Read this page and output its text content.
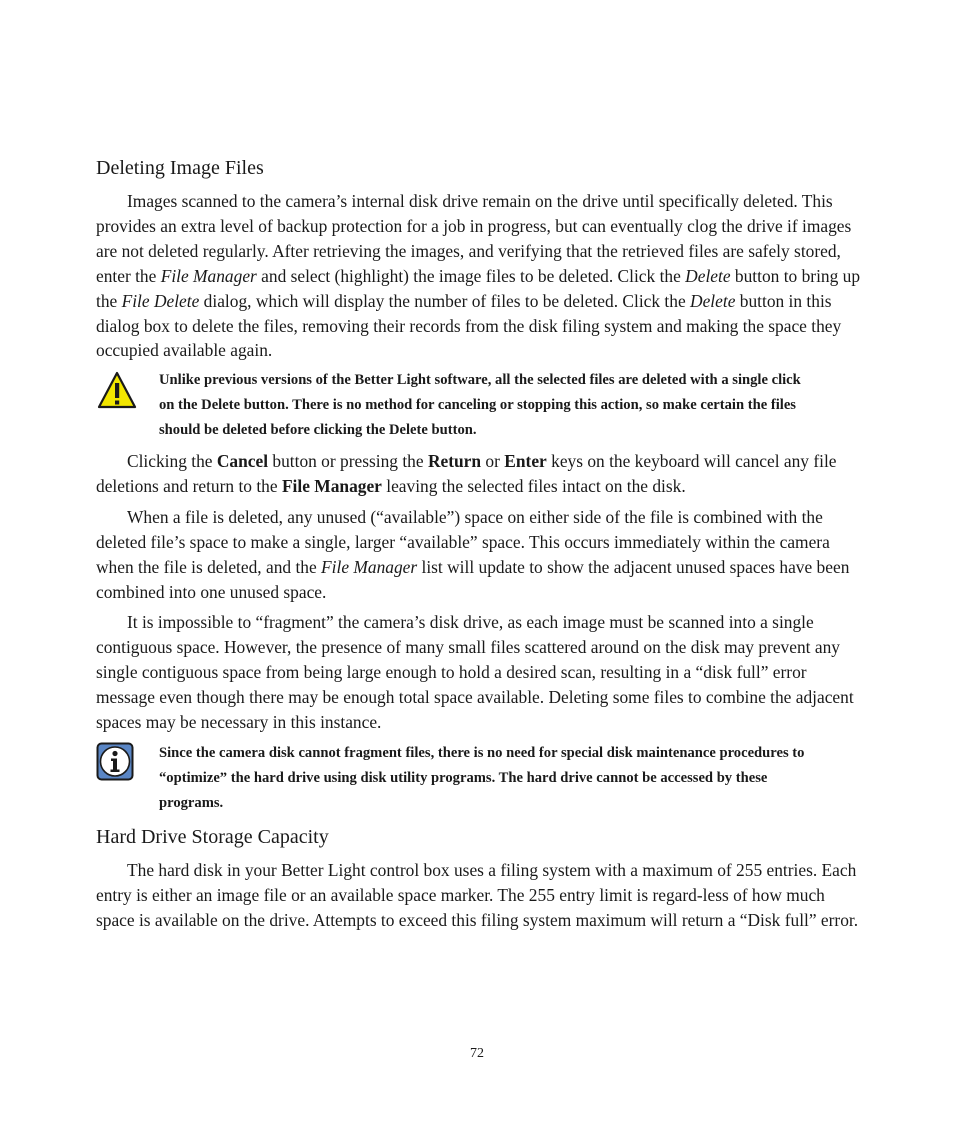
Deleting Image Files

Images scanned to the camera’s internal disk drive remain on the drive until specifically deleted. This provides an extra level of backup protection for a job in progress, but can eventually clog the drive if images are not deleted regularly. After retrieving the images, and verifying that the retrieved files are safely stored, enter the File Manager and select (highlight) the image files to be deleted. Click the Delete button to bring up the File Delete dialog, which will display the number of files to be deleted. Click the Delete button in this dialog box to delete the files, removing their records from the disk filing system and making the space they occupied available again.

Unlike previous versions of the Better Light software, all the selected files are deleted with a single click on the Delete button. There is no method for canceling or stopping this action, so make certain the files should be deleted before clicking the Delete button.

Clicking the Cancel button or pressing the Return or Enter keys on the keyboard will cancel any file deletions and return to the File Manager leaving the selected files intact on the disk.

When a file is deleted, any unused (“available”) space on either side of the file is combined with the deleted file’s space to make a single, larger “available” space. This occurs immediately within the camera when the file is deleted, and the File Manager list will update to show the adjacent unused spaces have been combined into one unused space.

It is impossible to “fragment” the camera’s disk drive, as each image must be scanned into a single contiguous space. However, the presence of many small files scattered around on the disk may prevent any single contiguous space from being large enough to hold a desired scan, resulting in a “disk full” error message even though there may be enough total space available. Deleting some files to combine the adjacent spaces may be necessary in this instance.

Since the camera disk cannot fragment files, there is no need for special disk maintenance procedures to “optimize” the hard drive using disk utility programs. The hard drive cannot be accessed by these programs.

Hard Drive Storage Capacity

The hard disk in your Better Light control box uses a filing system with a maximum of 255 entries. Each entry is either an image file or an available space marker. The 255 entry limit is regard-less of how much space is available on the drive. Attempts to exceed this filing system maximum will return a “Disk full” error.

72
